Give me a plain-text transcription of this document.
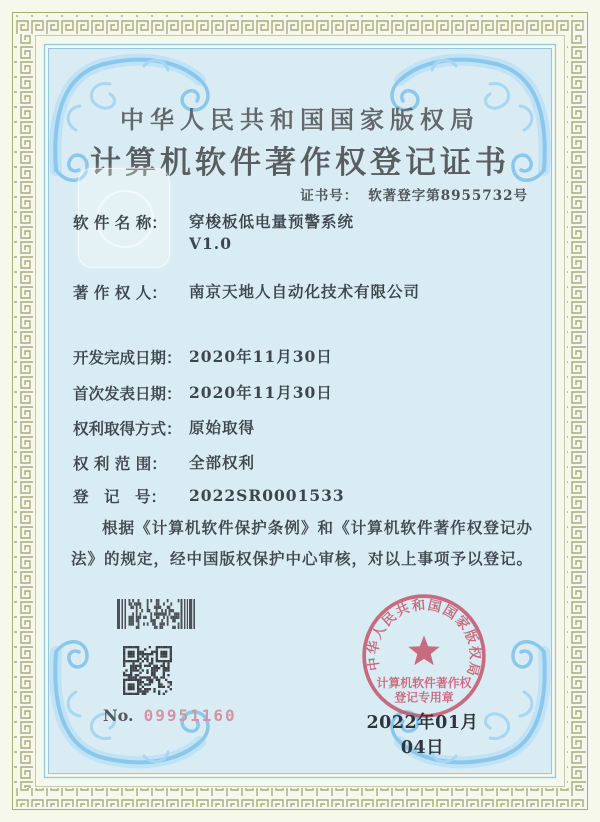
中华人民共和国国家版权局
计算机软件著作权登记证书
证书号： 软著登字第8955732号
软 件 名 称：	穿梭板低电量预警系统
V1.0
著 作 权 人：	南京天地人自动化技术有限公司
开发完成日期： 2020年11月30日
首次发表日期： 2020年11月30日
权利取得方式： 原始取得
权 利 范 围：	全部权利
登　记　号：	2022SR0001533

根据《计算机软件保护条例》和《计算机软件著作权登记办法》的规定，经中国版权保护中心审核，对以上事项予以登记。

No. 09951160
中华人民共和国国家版权局
计算机软件著作权
登记专用章
2022年01月04日
